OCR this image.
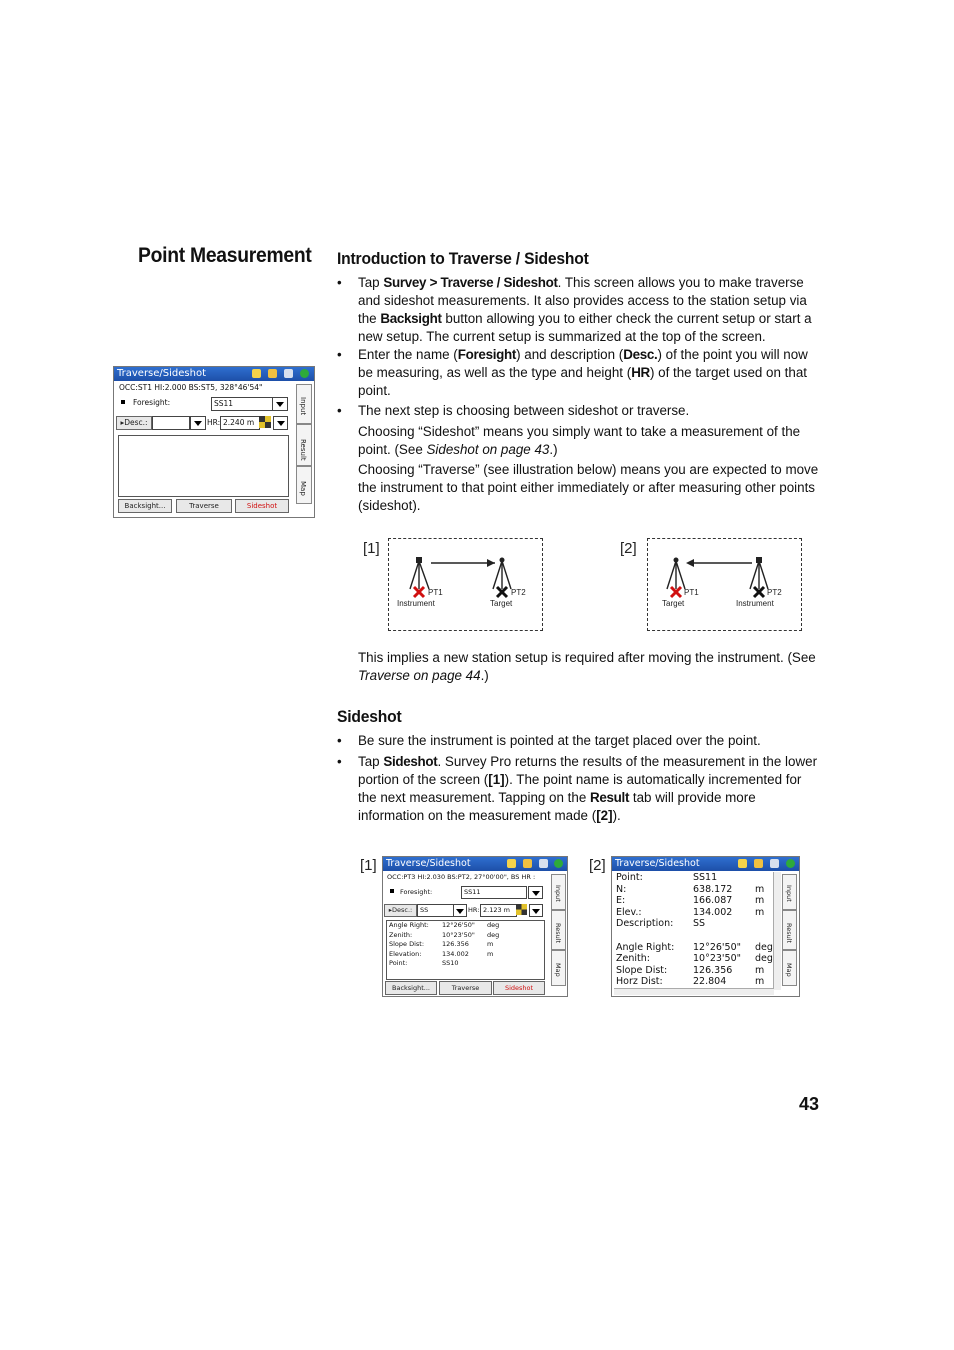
Point Measurement Introduction to Traverse / Sideshot
• Tap Survey > Traverse / Sideshot. This screen allows you to make traverse and sideshot measurements. It also provides access to the station setup via the Backsight button allowing you to either check the current setup or start a new setup. The current setup is summarized at the top of the screen.
• Enter the name (Foresight) and description (Desc.) of the point you will now be measuring, as well as the type and height (HR) of the target used on that point.
• The next step is choosing between sideshot or traverse.
Choosing “Sideshot” means you simply want to take a measurement of the point. (See Sideshot on page 43.)
Choosing “Traverse” (see illustration below) means you are expected to move the instrument to that point either immediately or after measuring other points (sideshot).
Traverse/Sideshot
OCC:ST1 HI:2.000 BS:ST5, 328°46'54"
Foresight:	SS11
▸Desc.:	HR: 2.240 m
Backsight...	Traverse	Sideshot
Input
Result
Map
[1]
PT1	PT2
Instrument	Target
[2]
PT1	PT2
Target	Instrument
This implies a new station setup is required after moving the instrument. (See Traverse on page 44.)
Sideshot
• Be sure the instrument is pointed at the target placed over the point.
• Tap Sideshot. Survey Pro returns the results of the measurement in the lower portion of the screen ([1]). The point name is automatically incremented for the next measurement. Tapping on the Result tab will provide more information on the measurement made ([2]).
[1] Traverse/Sideshot
OCC:PT3 HI:2.030 BS:PT2, 27°00'00", BS HR :
Foresight:	SS11
▸Desc.:	SS	HR: 2.123 m
Angle Right: 12°26'50" deg
Zenith:	10°23'50" deg
Slope Dist:	126.356	m
Elevation:	134.002	m
Point:	SS10
Backsight...	Traverse	Sideshot
Input
Result
Map
[2] Traverse/Sideshot
Point:	SS11
N:	638.172 m
E:	166.087 m
Elev.:	134.002 m
Description: SS
Angle Right: 12°26'50" deg
Zenith:	10°23'50" deg
Slope Dist:	126.356 m
Horz Dist:	22.804	m
Input
Result
Map
43
